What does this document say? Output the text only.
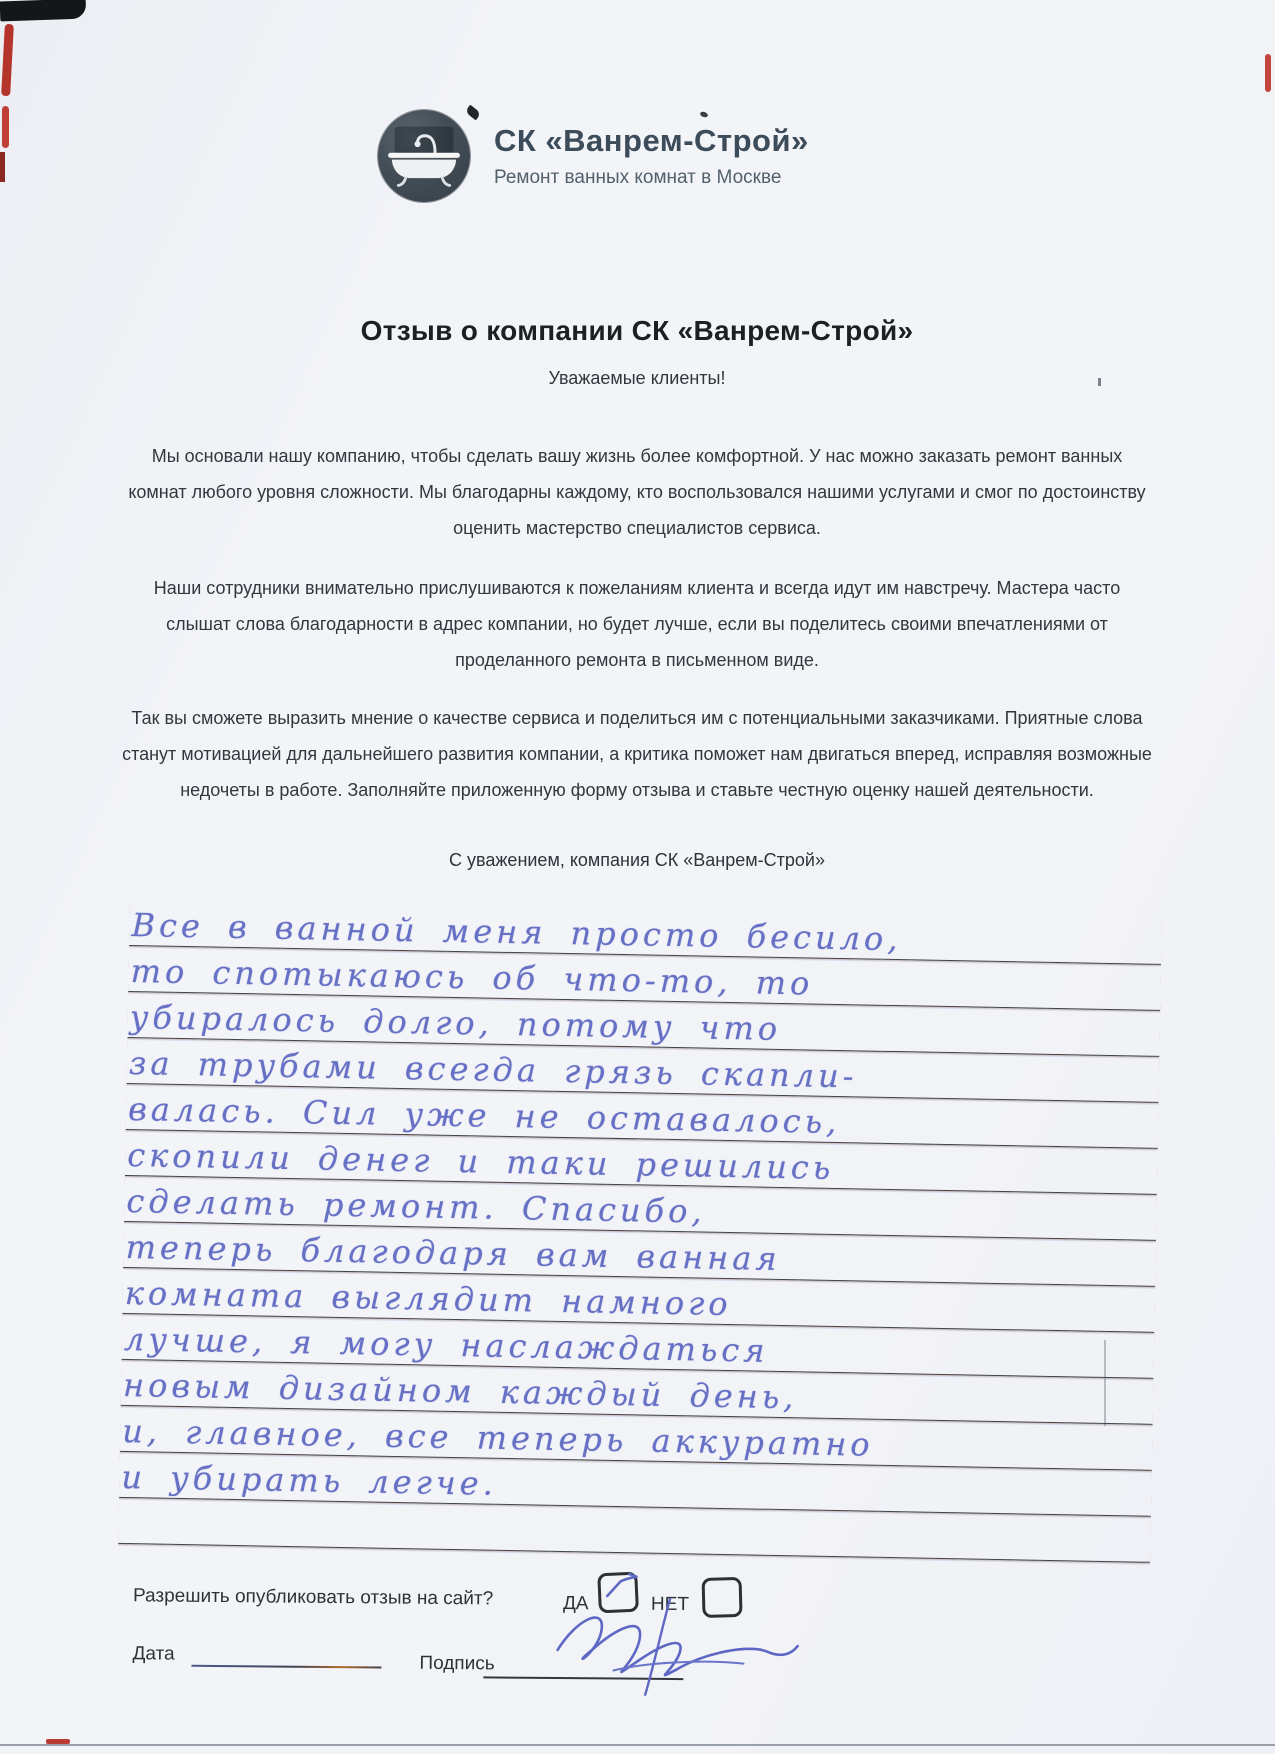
СК «Ванрем-Строй»
Ремонт ванных комнат в Москве
Отзыв о компании СК «Ванрем-Строй»
Уважаемые клиенты!

Мы основали нашу компанию, чтобы сделать вашу жизнь более комфортной. У нас можно заказать ремонт ванных комнат любого уровня сложности. Мы благодарны каждому, кто воспользовался нашими услугами и смог по достоинству оценить мастерство специалистов сервиса.

Наши сотрудники внимательно прислушиваются к пожеланиям клиента и всегда идут им навстречу. Мастера часто слышат слова благодарности в адрес компании, но будет лучше, если вы поделитесь своими впечатлениями от проделанного ремонта в письменном виде.

Так вы сможете выразить мнение о качестве сервиса и поделиться им с потенциальными заказчиками. Приятные слова станут мотивацией для дальнейшего развития компании, а критика поможет нам двигаться вперед, исправляя возможные недочеты в работе. Заполняйте приложенную форму отзыва и ставьте честную оценку нашей деятельности.

С уважением, компания СК «Ванрем-Строй»
Все в ванной меня просто бесило,
то спотыкаюсь об что-то, то
убиралось долго, потому что
за трубами всегда грязь скапли-
валась. Сил уже не оставалось,
скопили денег и таки решились
сделать ремонт. Спасибо,
теперь благодаря вам ванная
комната выглядит намного
лучше, я могу наслаждаться
новым дизайном каждый день,
и, главное, все теперь аккуратно
и убирать легче.
Разрешить опубликовать отзыв на сайт?	ДА	НЕТ
Дата	Подпись
